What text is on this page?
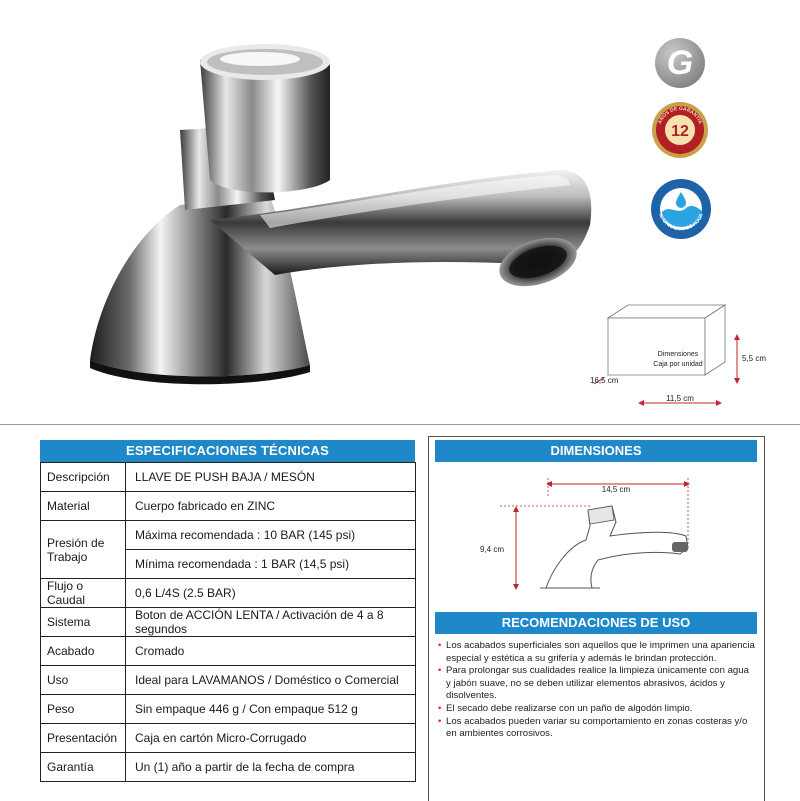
G
12
AÑOS DE GARANTÍA
AHORRADOR DE AGUA
Dimensiones
Caja por unidad
5,5 cm
16,5 cm
11,5 cm
ESPECIFICACIONES TÉCNICAS
Descripción	LLAVE DE PUSH BAJA / MESÓN
Material	Cuerpo fabricado en ZINC
Presión de Trabajo	Máxima recomendada : 10 BAR (145 psi)
	Mínima recomendada : 1 BAR (14,5 psi)
Flujo o Caudal	0,6 L/4S (2.5 BAR)
Sistema	Boton de ACCIÓN LENTA / Activación de 4 a 8 segundos
Acabado	Cromado
Uso	Ideal para LAVAMANOS / Doméstico o Comercial
Peso	Sin empaque 446 g / Con empaque 512 g
Presentación	Caja en cartón Micro-Corrugado
Garantía	Un (1) año a partir de la fecha de compra
DIMENSIONES
14,5 cm
9,4 cm
RECOMENDACIONES DE USO
• Los acabados superficiales son aquellos que le imprimen una apariencia especial y estética a su grifería y además le brindan protección.
• Para prolongar sus cualidades realice la limpieza únicamente con agua y jabón suave, no se deben utilizar elementos abrasivos, ácidos y disolventes.
• El secado debe realizarse con un paño de algodón limpio.
• Los acabados pueden variar su comportamiento en zonas costeras y/o en ambientes corrosivos.
